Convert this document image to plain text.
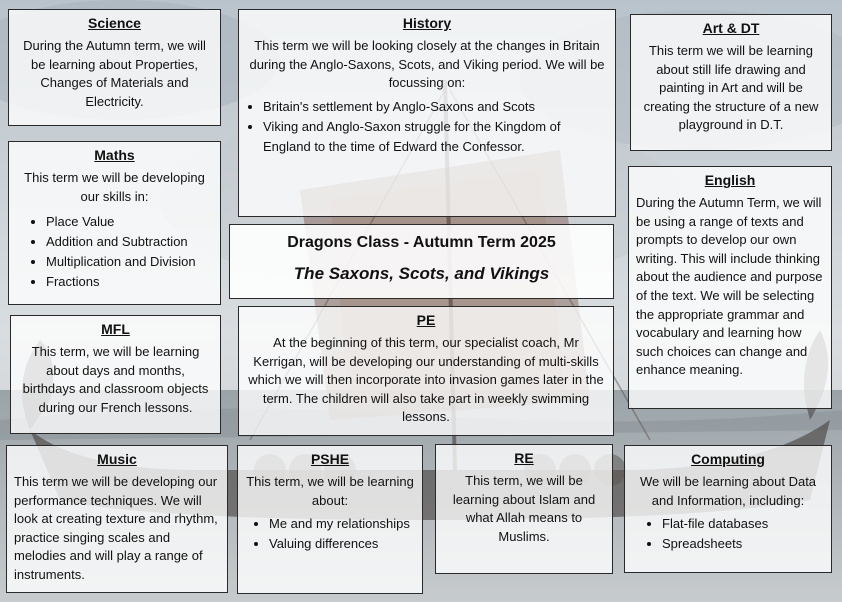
Science
During the Autumn term, we will be learning about Properties, Changes of Materials and Electricity.
History
This term we will be looking closely at the changes in Britain during the Anglo-Saxons, Scots, and Viking period. We will be focussing on:
• Britain's settlement by Anglo-Saxons and Scots
• Viking and Anglo-Saxon struggle for the Kingdom of England to the time of Edward the Confessor.
Art & DT
This term we will be learning about still life drawing and painting in Art and will be creating the structure of a new playground in D.T.
Maths
This term we will be developing our skills in:
• Place Value
• Addition and Subtraction
• Multiplication and Division
• Fractions
Dragons Class - Autumn Term 2025
The Saxons, Scots, and Vikings
English
During the Autumn Term, we will be using a range of texts and prompts to develop our own writing. This will include thinking about the audience and purpose of the text. We will be selecting the appropriate grammar and vocabulary and learning how such choices can change and enhance meaning.
MFL
This term, we will be learning about days and months, birthdays and classroom objects during our French lessons.
PE
At the beginning of this term, our specialist coach, Mr Kerrigan, will be developing our understanding of multi-skills which we will then incorporate into invasion games later in the term. The children will also take part in weekly swimming lessons.
Music
This term we will be developing our performance techniques. We will look at creating texture and rhythm, practice singing scales and melodies and will play a range of instruments.
PSHE
This term, we will be learning about:
• Me and my relationships
• Valuing differences
RE
This term, we will be learning about Islam and what Allah means to Muslims.
Computing
We will be learning about Data and Information, including:
• Flat-file databases
• Spreadsheets
